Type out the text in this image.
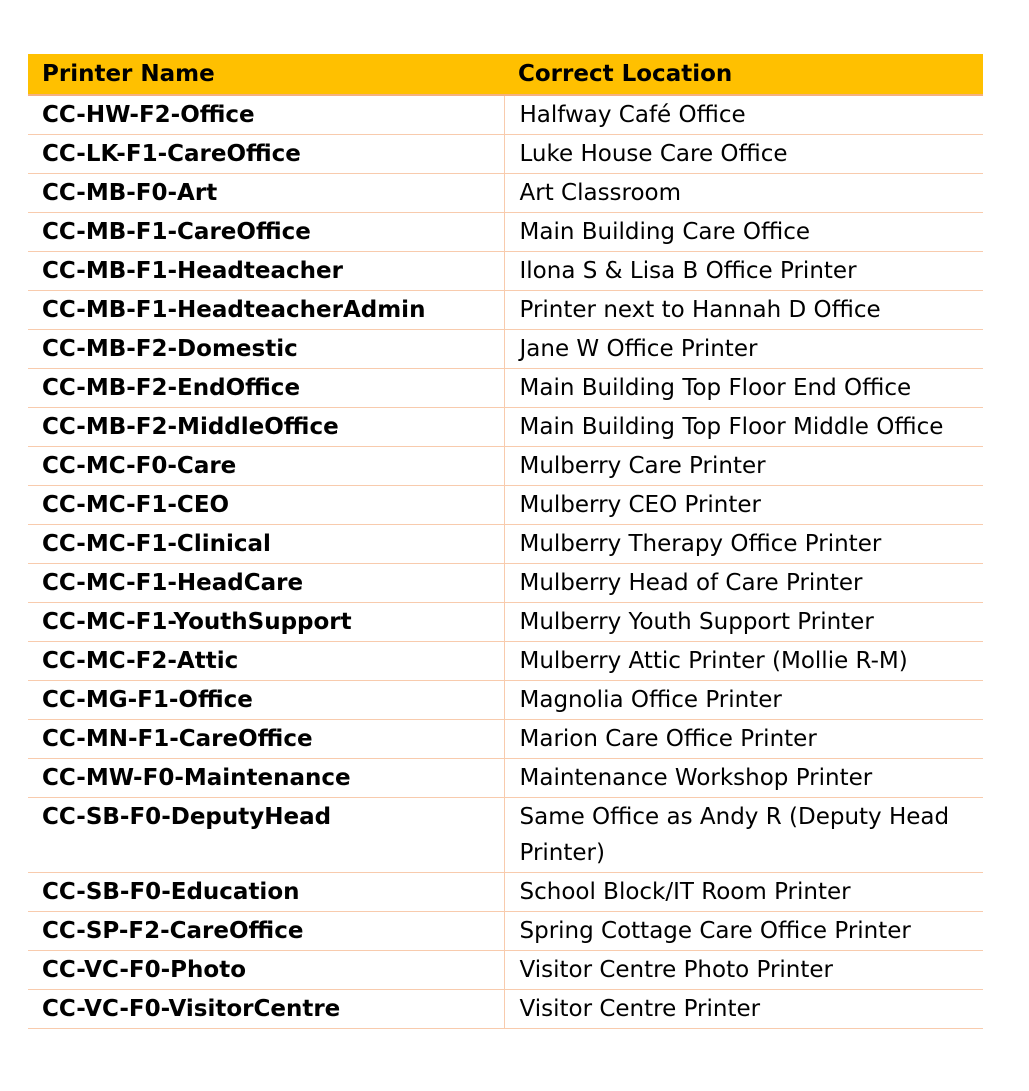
Printer Name	Correct Location
CC-HW-F2-Office	Halfway Café Office
CC-LK-F1-CareOffice	Luke House Care Office
CC-MB-F0-Art	Art Classroom
CC-MB-F1-CareOffice	Main Building Care Office
CC-MB-F1-Headteacher	Ilona S & Lisa B Office Printer
CC-MB-F1-HeadteacherAdmin	Printer next to Hannah D Office
CC-MB-F2-Domestic	Jane W Office Printer
CC-MB-F2-EndOffice	Main Building Top Floor End Office
CC-MB-F2-MiddleOffice	Main Building Top Floor Middle Office
CC-MC-F0-Care	Mulberry Care Printer
CC-MC-F1-CEO	Mulberry CEO Printer
CC-MC-F1-Clinical	Mulberry Therapy Office Printer
CC-MC-F1-HeadCare	Mulberry Head of Care Printer
CC-MC-F1-YouthSupport	Mulberry Youth Support Printer
CC-MC-F2-Attic	Mulberry Attic Printer (Mollie R-M)
CC-MG-F1-Office	Magnolia Office Printer
CC-MN-F1-CareOffice	Marion Care Office Printer
CC-MW-F0-Maintenance	Maintenance Workshop Printer
CC-SB-F0-DeputyHead	Same Office as Andy R (Deputy Head Printer)
CC-SB-F0-Education	School Block/IT Room Printer
CC-SP-F2-CareOffice	Spring Cottage Care Office Printer
CC-VC-F0-Photo	Visitor Centre Photo Printer
CC-VC-F0-VisitorCentre	Visitor Centre Printer
